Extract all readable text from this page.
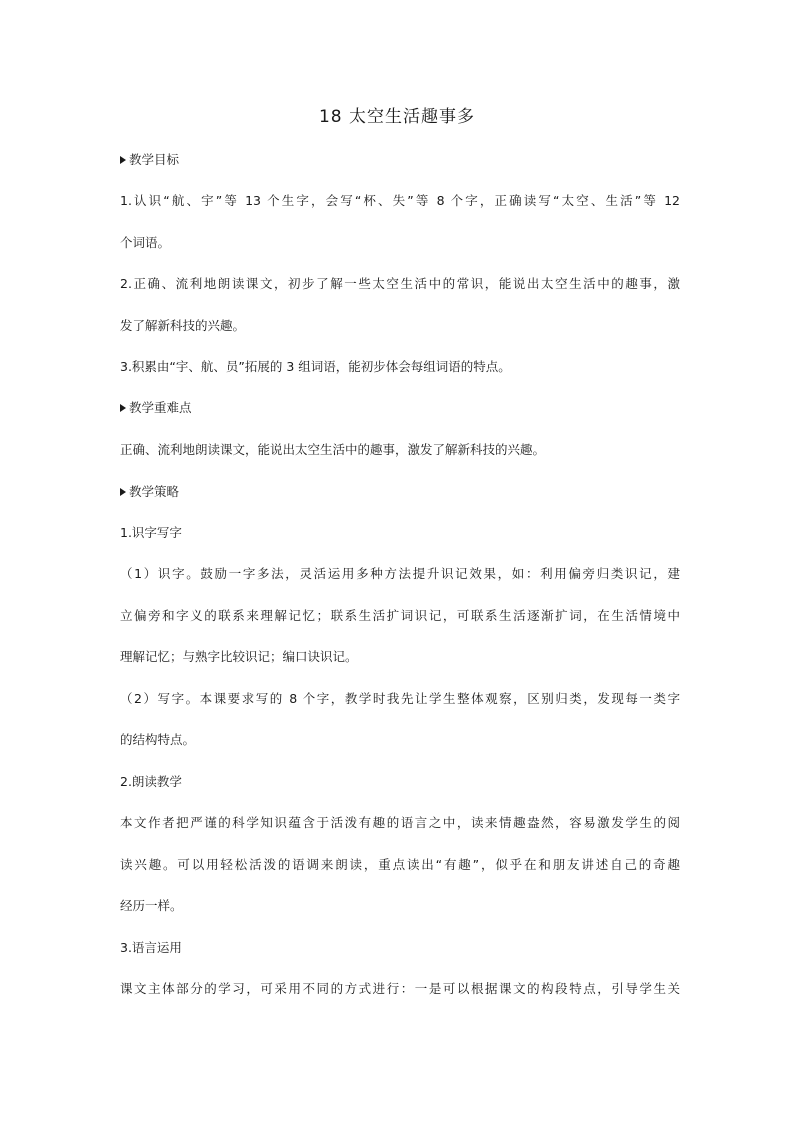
18 太空生活趣事多
教学目标
1.认识“航、宇”等 13 个生字，会写“杯、失”等 8 个字，正确读写“太空、生活”等 12
个词语。
2.正确、流利地朗读课文，初步了解一些太空生活中的常识，能说出太空生活中的趣事，激
发了解新科技的兴趣。
3.积累由“宇、航、员”拓展的 3 组词语，能初步体会每组词语的特点。
教学重难点
正确、流利地朗读课文，能说出太空生活中的趣事，激发了解新科技的兴趣。
教学策略
1.识字写字
（1）识字。鼓励一字多法，灵活运用多种方法提升识记效果，如：利用偏旁归类识记，建
立偏旁和字义的联系来理解记忆；联系生活扩词识记，可联系生活逐渐扩词，在生活情境中
理解记忆；与熟字比较识记；编口诀识记。
（2）写字。本课要求写的 8 个字，教学时我先让学生整体观察，区别归类，发现每一类字
的结构特点。
2.朗读教学
本文作者把严谨的科学知识蕴含于活泼有趣的语言之中，读来情趣盎然，容易激发学生的阅
读兴趣。可以用轻松活泼的语调来朗读，重点读出“有趣”，似乎在和朋友讲述自己的奇趣
经历一样。
3.语言运用
课文主体部分的学习，可采用不同的方式进行：一是可以根据课文的构段特点，引导学生关
